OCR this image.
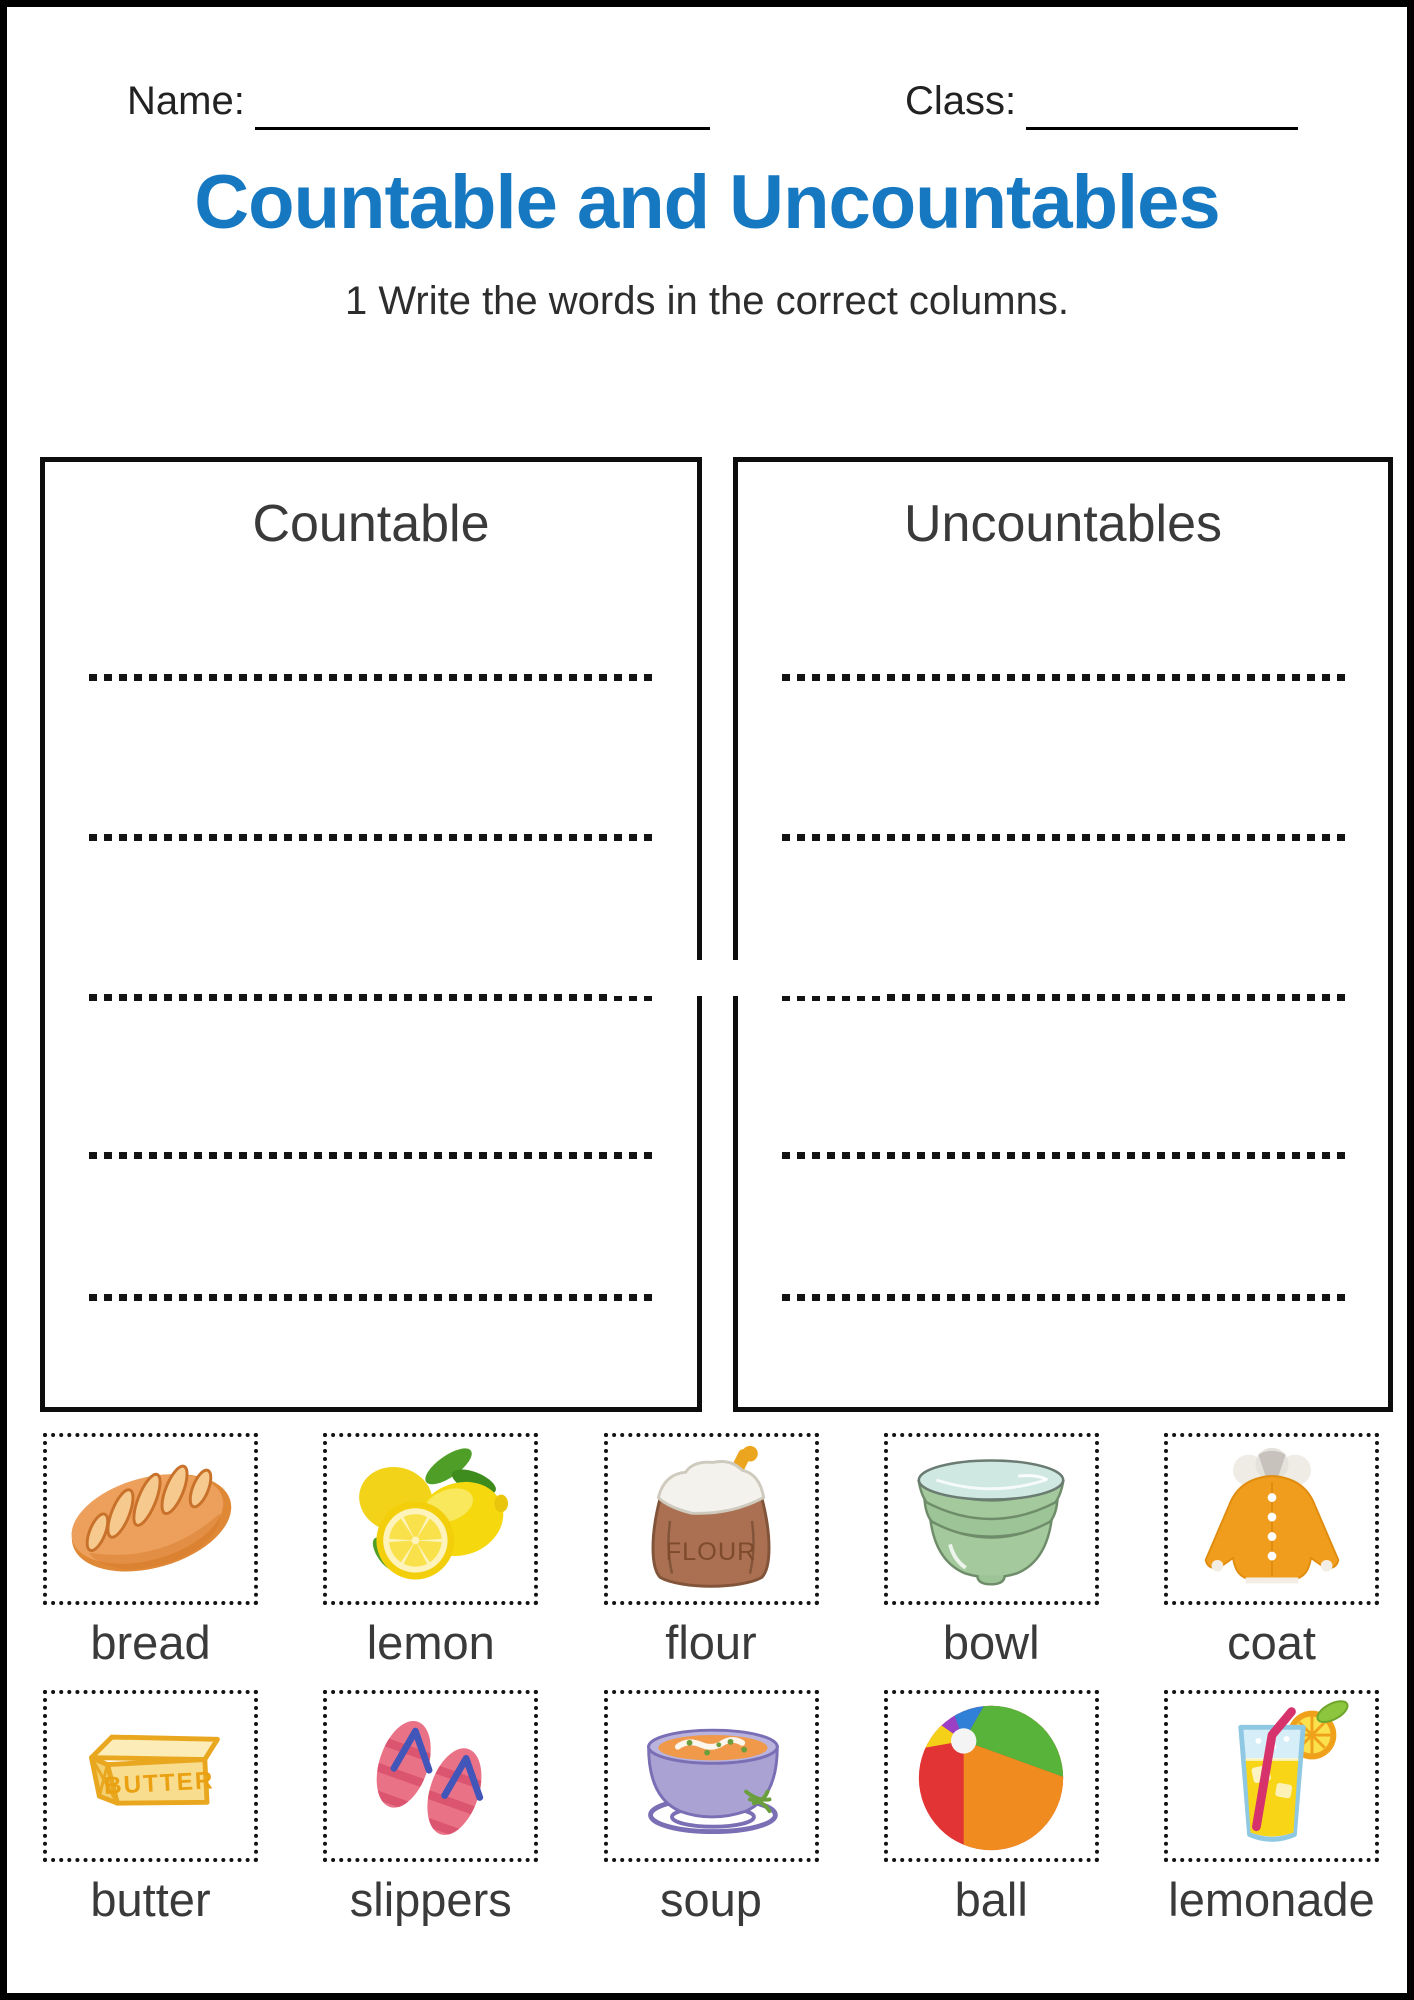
Name:	Class:
Countable and Uncountables
1 Write the words in the correct columns.
Countable	Uncountables
bread	lemon
FLOUR
flour	bowl	coat
BUTTER
butter	slippers	soup	ball	lemonade
